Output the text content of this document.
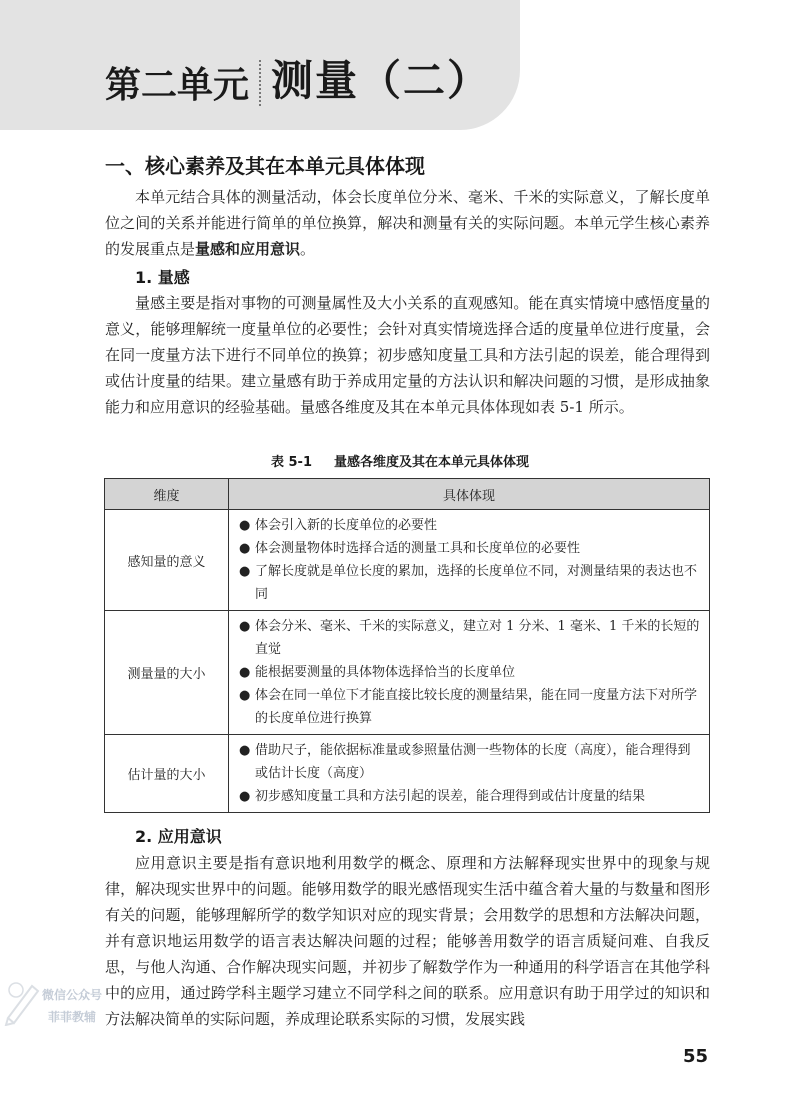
第二单元 测量（二）
一、核心素养及其在本单元具体体现

本单元结合具体的测量活动，体会长度单位分米、毫米、千米的实际意义，了解长度单位之间的关系并能进行简单的单位换算，解决和测量有关的实际问题。本单元学生核心素养的发展重点是量感和应用意识。

1. 量感

量感主要是指对事物的可测量属性及大小关系的直观感知。能在真实情境中感悟度量的意义，能够理解统一度量单位的必要性；会针对真实情境选择合适的度量单位进行度量，会在同一度量方法下进行不同单位的换算；初步感知度量工具和方法引起的误差，能合理得到或估计度量的结果。建立量感有助于养成用定量的方法认识和解决问题的习惯，是形成抽象能力和应用意识的经验基础。量感各维度及其在本单元具体体现如表 5-1 所示。

表 5-1 量感各维度及其在本单元具体体现
维度	具体体现
感知量的意义	● 体会引入新的长度单位的必要性
● 体会测量物体时选择合适的测量工具和长度单位的必要性
● 了解长度就是单位长度的累加，选择的长度单位不同，对测量结果的表达也不同

测量量的大小	● 体会分米、毫米、千米的实际意义，建立对 1 分米、1 毫米、1 千米的长短的直觉
● 能根据要测量的具体物体选择恰当的长度单位
● 体会在同一单位下才能直接比较长度的测量结果，能在同一度量方法下对所学的长度单位进行换算

估计量的大小	● 借助尺子，能依据标准量或参照量估测一些物体的长度（高度），能合理得到或估计长度（高度）
● 初步感知度量工具和方法引起的误差，能合理得到或估计度量的结果
2. 应用意识

应用意识主要是指有意识地利用数学的概念、原理和方法解释现实世界中的现象与规律，解决现实世界中的问题。能够用数学的眼光感悟现实生活中蕴含着大量的与数量和图形有关的问题，能够理解所学的数学知识对应的现实背景；会用数学的思想和方法解决问题，并有意识地运用数学的语言表达解决问题的过程；能够善用数学的语言质疑问难、自我反思，与他人沟通、合作解决现实问题，并初步了解数学作为一种通用的科学语言在其他学科中的应用，通过跨学科主题学习建立不同学科之间的联系。应用意识有助于用学过的知识和方法解决简单的实际问题，养成理论联系实际的习惯，发展实践

微信公众号
菲菲教辅
55
